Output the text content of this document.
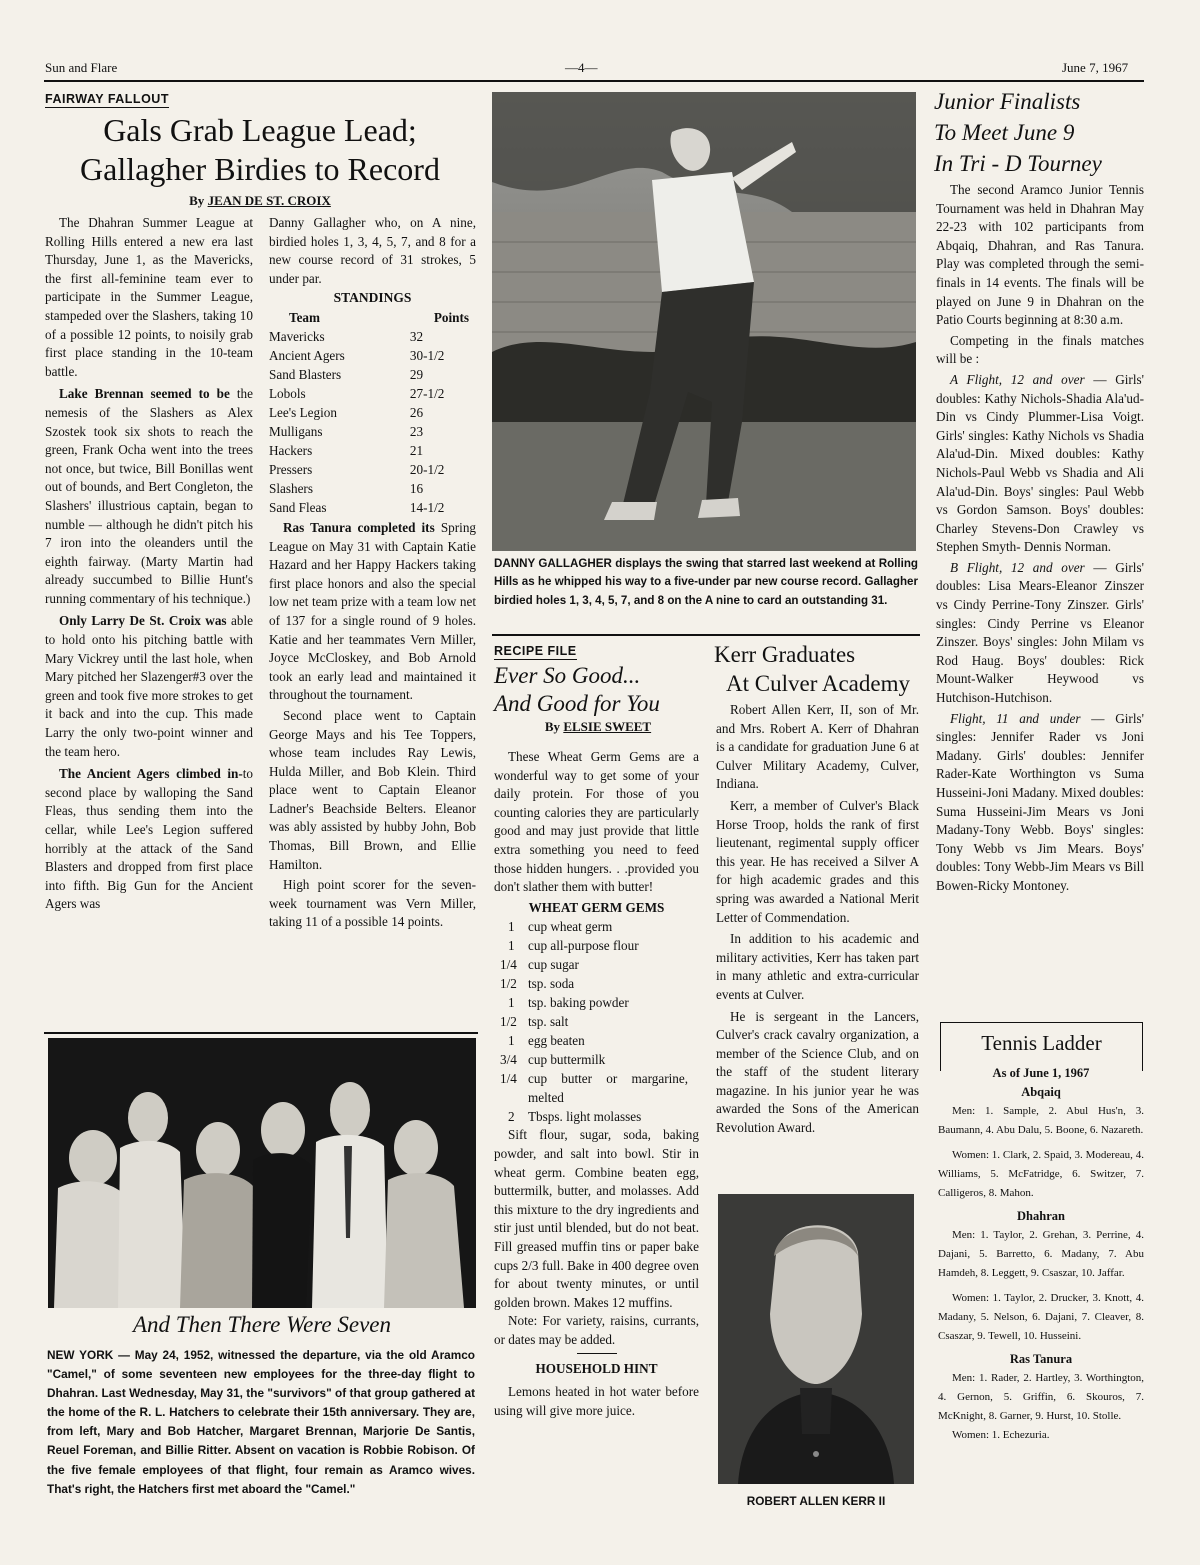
Sun and Flare	—4—	June 7, 1967
FAIRWAY FALLOUT
Gals Grab League Lead;
Gallagher Birdies to Record
By JEAN DE ST. CROIX

The Dhahran Summer League at Rolling Hills entered a new era last Thursday, June 1, as the Mavericks, the first all-feminine team ever to participate in the Summer League, stampeded over the Slashers, taking 10 of a possible 12 points, to noisily grab first place standing in the 10-team battle.

Lake Brennan seemed to be the nemesis of the Slashers as Alex Szostek took six shots to reach the green, Frank Ocha went into the trees not once, but twice, Bill Bonillas went out of bounds, and Bert Congleton, the Slashers' illustrious captain, began to numble — although he didn't pitch his 7 iron into the oleanders until the eighth fairway. (Marty Martin had already succumbed to Billie Hunt's running commentary of his technique.)

Only Larry De St. Croix was able to hold onto his pitching battle with Mary Vickrey until the last hole, when Mary pitched her Slazenger#3 over the green and took five more strokes to get it back and into the cup. This made Larry the only two-point winner and the team hero.

The Ancient Agers climbed in-to second place by walloping the Sand Fleas, thus sending them into the cellar, while Lee's Legion suffered horribly at the attack of the Sand Blasters and dropped from first place into fifth. Big Gun for the Ancient Agers was

Danny Gallagher who, on A nine, birdied holes 1, 3, 4, 5, 7, and 8 for a new course record of 31 strokes, 5 under par.

STANDINGS
Team	Points
Mavericks	32
Ancient Agers	30-1/2
Sand Blasters	29
Lobols	27-1/2
Lee's Legion	26
Mulligans	23
Hackers	21
Pressers	20-1/2
Slashers	16
Sand Fleas	14-1/2

Ras Tanura completed its Spring League on May 31 with Captain Katie Hazard and her Happy Hackers taking first place honors and also the special low net team prize with a team low net of 137 for a single round of 9 holes. Katie and her teammates Vern Miller, Joyce McCloskey, and Bob Arnold took an early lead and maintained it throughout the tournament.

Second place went to Captain George Mays and his Tee Toppers, whose team includes Ray Lewis, Hulda Miller, and Bob Klein. Third place went to Captain Eleanor Ladner's Beachside Belters. Eleanor was ably assisted by hubby John, Bob Thomas, Bill Brown, and Ellie Hamilton.

High point scorer for the seven-week tournament was Vern Miller, taking 11 of a possible 14 points.

DANNY GALLAGHER displays the swing that starred last weekend at Rolling Hills as he whipped his way to a five-under par new course record. Gallagher birdied holes 1, 3, 4, 5, 7, and 8 on the A nine to card an outstanding 31.
And Then There Were Seven
NEW YORK — May 24, 1952, witnessed the departure, via the old Aramco "Camel," of some seventeen new employees for the three-day flight to Dhahran. Last Wednesday, May 31, the "survivors" of that group gathered at the home of the R. L. Hatchers to celebrate their 15th anniversary. They are, from left, Mary and Bob Hatcher, Margaret Brennan, Marjorie De Santis, Reuel Foreman, and Billie Ritter. Absent on vacation is Robbie Robison. Of the five female employees of that flight, four remain as Aramco wives. That's right, the Hatchers first met aboard the "Camel."
RECIPE FILE
Ever So Good...
And Good for You
By ELSIE SWEET

These Wheat Germ Gems are a wonderful way to get some of your daily protein. For those of you counting calories they are particularly good and may just provide that little extra something you need to feed those hidden hungers. . .provided you don't slather them with butter!

WHEAT GERM GEMS
1	cup wheat germ
1	cup all-purpose flour
1/4 cup sugar
1/2 tsp. soda
1	tsp. baking powder
1/2 tsp. salt
1	egg beaten
3/4 cup buttermilk
1/4 cup butter or margarine, melted
2	Tbsps. light molasses

Sift flour, sugar, soda, baking powder, and salt into bowl. Stir in wheat germ. Combine beaten egg, buttermilk, butter, and molasses. Add this mixture to the dry ingredients and stir just until blended, but do not beat. Fill greased muffin tins or paper bake cups 2/3 full. Bake in 400 degree oven for about twenty minutes, or until golden brown. Makes 12 muffins.

Note: For variety, raisins, currants, or dates may be added.

HOUSEHOLD HINT

Lemons heated in hot water before using will give more juice.

Kerr Graduates
At Culver Academy

Robert Allen Kerr, II, son of Mr. and Mrs. Robert A. Kerr of Dhahran is a candidate for graduation June 6 at Culver Military Academy, Culver, Indiana.

Kerr, a member of Culver's Black Horse Troop, holds the rank of first lieutenant, regimental supply officer this year. He has received a Silver A for high academic grades and this spring was awarded a National Merit Letter of Commendation.

In addition to his academic and military activities, Kerr has taken part in many athletic and extra-curricular events at Culver.

He is sergeant in the Lancers, Culver's crack cavalry organization, a member of the Science Club, and on the staff of the student literary magazine. In his junior year he was awarded the Sons of the American Revolution Award.

ROBERT ALLEN KERR II
Junior Finalists
To Meet June 9
In Tri - D Tourney

The second Aramco Junior Tennis Tournament was held in Dhahran May 22-23 with 102 participants from Abqaiq, Dhahran, and Ras Tanura. Play was completed through the semi-finals in 14 events. The finals will be played on June 9 in Dhahran on the Patio Courts beginning at 8:30 a.m.

Competing in the finals matches will be :

A Flight, 12 and over — Girls' doubles: Kathy Nichols-Shadia Ala'ud-Din vs Cindy Plummer-Lisa Voigt. Girls' singles: Kathy Nichols vs Shadia Ala'ud-Din. Mixed doubles: Kathy Nichols-Paul Webb vs Shadia and Ali Ala'ud-Din. Boys' singles: Paul Webb vs Gordon Samson. Boys' doubles: Charley Stevens-Don Crawley vs Stephen Smyth- Dennis Norman.

B Flight, 12 and over — Girls' doubles: Lisa Mears-Eleanor Zinszer vs Cindy Perrine-Tony Zinszer. Girls' singles: Cindy Perrine vs Eleanor Zinszer. Boys' singles: John Milam vs Rod Haug. Boys' doubles: Rick Mount-Walker Heywood vs Hutchison-Hutchison.

Flight, 11 and under — Girls' singles: Jennifer Rader vs Joni Madany. Girls' doubles: Jennifer Rader-Kate Worthington vs Suma Husseini-Joni Madany. Mixed doubles: Suma Husseini-Jim Mears vs Joni Madany-Tony Webb. Boys' singles: Tony Webb vs Jim Mears. Boys' doubles: Tony Webb-Jim Mears vs Bill Bowen-Ricky Montoney.

Tennis Ladder
As of June 1, 1967
Abqaiq

Men: 1. Sample, 2. Abul Hus'n, 3. Baumann, 4. Abu Dalu, 5. Boone, 6. Nazareth.

Women: 1. Clark, 2. Spaid, 3. Modereau, 4. Williams, 5. McFatridge, 6. Switzer, 7. Calligeros, 8. Mahon.

Dhahran

Men: 1. Taylor, 2. Grehan, 3. Perrine, 4. Dajani, 5. Barretto, 6. Madany, 7. Abu Hamdeh, 8. Leggett, 9. Csaszar, 10. Jaffar.

Women: 1. Taylor, 2. Drucker, 3. Knott, 4. Madany, 5. Nelson, 6. Dajani, 7. Cleaver, 8. Csaszar, 9. Tewell, 10. Husseini.

Ras Tanura

Men: 1. Rader, 2. Hartley, 3. Worthington, 4. Gernon, 5. Griffin, 6. Skouros, 7. McKnight, 8. Garner, 9. Hurst, 10. Stolle.

Women: 1. Echezuria.
